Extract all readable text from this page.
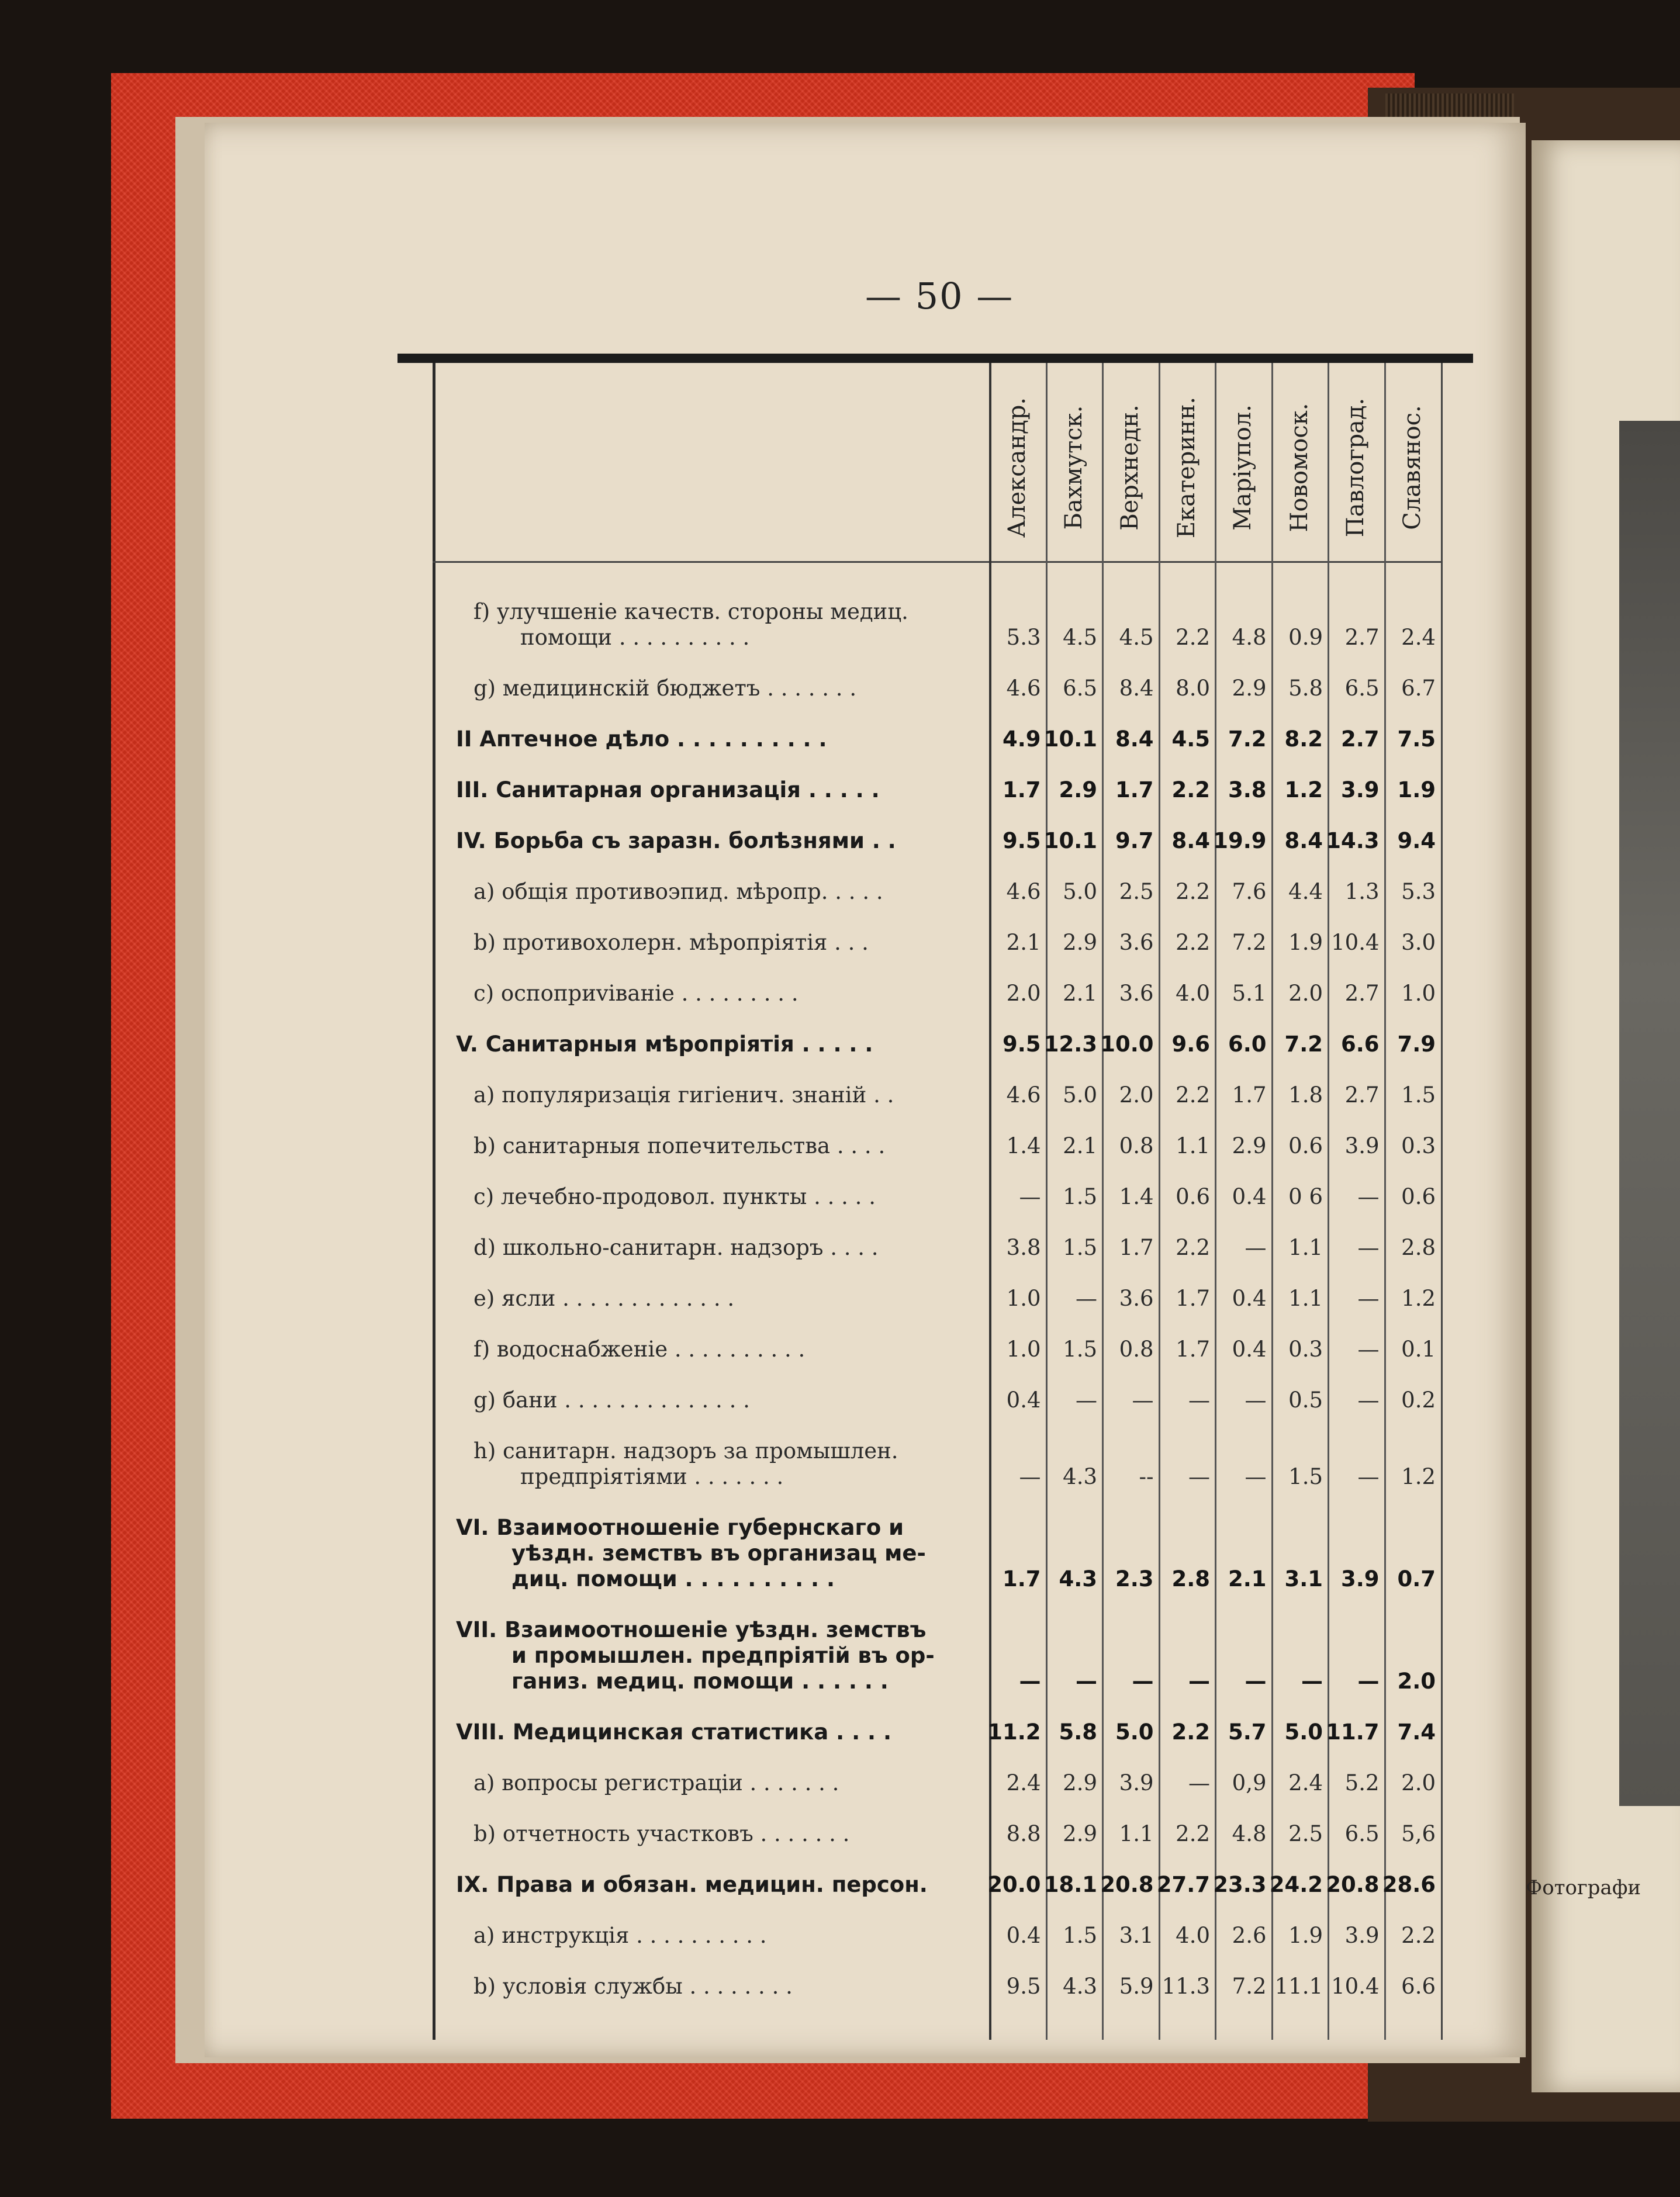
Фотографи
— 50 —
Александр. Бахмутск. Верхнедн. Екатеринн. Маріупол. Новомоск. Павлоград. Славянос.
f) улучшеніе качеств. стороны медиц.
помощи . . . . . . . . . .	5.3	4.5	4.5	2.2	4.8	0.9	2.7	2.4
g) медицинскій бюджетъ . . . . . . .	4.6	6.5	8.4	8.0	2.9	5.8	6.5	6.7
II Аптечное дѣло . . . . . . . . . .	4.9 10.1 8.4 4.5 7.2 8.2 2.7 7.5
III. Санитарная организація . . . . .	1.7 2.9 1.7 2.2 3.8 1.2 3.9 1.9
IV. Борьба съ заразн. болѣзнями . .	9.5 10.1 9.7 8.4 19.9 8.4 14.3 9.4
a) общія противоэпид. мѣропр. . . . .	4.6	5.0	2.5	2.2	7.6	4.4	1.3	5.3
b) противохолерн. мѣропріятія . . .	2.1	2.9	3.6	2.2	7.2	1.9 10.4	3.0
c) оспоприviваніе . . . . . . . . .	2.0	2.1	3.6	4.0	5.1	2.0	2.7	1.0
V. Санитарныя мѣропріятія . . . . .	9.5 12.3 10.0 9.6 6.0 7.2 6.6 7.9
a) популяризація гигіенич. знаній . .	4.6	5.0	2.0	2.2	1.7	1.8	2.7	1.5
b) санитарныя попечительства . . . .	1.4	2.1	0.8	1.1	2.9	0.6	3.9	0.3
c) лечебно-продовол. пункты . . . . .	—	1.5	1.4	0.6	0.4	0 6	—	0.6
d) школьно-санитарн. надзоръ . . . .	3.8	1.5	1.7	2.2	—	1.1	—	2.8
e) ясли . . . . . . . . . . . . .	1.0	—	3.6	1.7	0.4	1.1	—	1.2
f) водоснабженіе . . . . . . . . . .	1.0	1.5	0.8	1.7	0.4	0.3	—	0.1
g) бани . . . . . . . . . . . . . .	0.4	—	—	—	—	0.5	—	0.2
h) санитарн. надзоръ за промышлен.
предпріятіями . . . . . . .	—	4.3	--	—	—	1.5	—	1.2
VI. Взаимоотношеніе губернскаго и
уѣздн. земствъ въ организац ме-
диц. помощи . . . . . . . . . .	1.7 4.3 2.3 2.8 2.1 3.1 3.9 0.7
VII. Взаимоотношеніе уѣздн. земствъ
и промышлен. предпріятій въ ор-
ганиз. медиц. помощи . . . . . .	—	—	—	—	—	—	— 2.0
VIII. Медицинская статистика . . . .	11.2 5.8 5.0 2.2 5.7 5.0 11.7 7.4
a) вопросы регистраціи . . . . . . .	2.4	2.9	3.9	—	0,9	2.4	5.2	2.0
b) отчетность участковъ . . . . . . .	8.8	2.9	1.1	2.2	4.8	2.5	6.5	5,6
IX. Права и обязан. медицин. персон.	20.0 18.1 20.8 27.7 23.3 24.2 20.8 28.6
a) инструкція . . . . . . . . . .	0.4	1.5	3.1	4.0	2.6	1.9	3.9	2.2
b) условія службы . . . . . . . .	9.5	4.3	5.9 11.3	7.2 11.1 10.4	6.6
